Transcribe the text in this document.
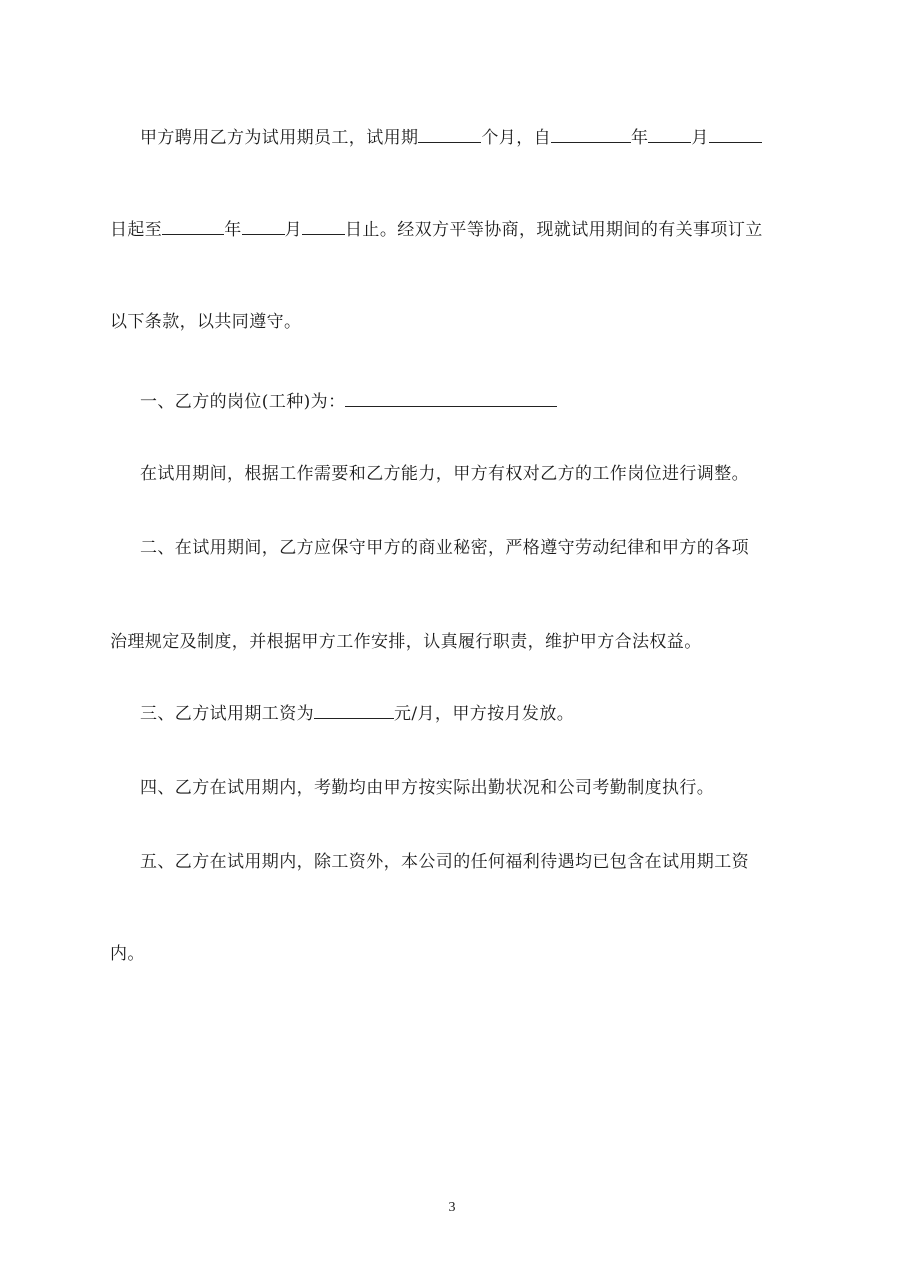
甲方聘用乙方为试用期员工，试用期	个月，自	年	月
日起至	年	月	日止。经双方平等协商，现就试用期间的有关事项订立
以下条款，以共同遵守。
一、乙方的岗位(工种)为：
在试用期间，根据工作需要和乙方能力，甲方有权对乙方的工作岗位进行调整。
二、在试用期间，乙方应保守甲方的商业秘密，严格遵守劳动纪律和甲方的各项
治理规定及制度，并根据甲方工作安排，认真履行职责，维护甲方合法权益。
三、乙方试用期工资为	元/月，甲方按月发放。
四、乙方在试用期内，考勤均由甲方按实际出勤状况和公司考勤制度执行。
五、乙方在试用期内，除工资外，本公司的任何福利待遇均已包含在试用期工资
内。
3
